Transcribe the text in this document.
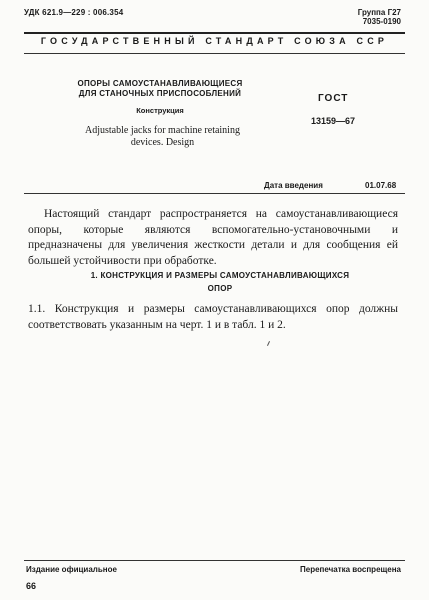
УДК 621.9—229 : 006.354	Группа Г27
7035-0190
ГОСУДАРСТВЕННЫЙ СТАНДАРТ СОЮЗА ССР
ОПОРЫ САМОУСТАНАВЛИВАЮЩИЕСЯ
ДЛЯ СТАНОЧНЫХ ПРИСПОСОБЛЕНИЙ
Конструкция
Adjustable jacks for machine retaining
devices. Design
ГОСТ
13159—67
Дата введения	01.07.68
Настоящий стандарт распространяется на самоустанавливающиеся опоры, которые являются вспомогательно-установочными и предназначены для увеличения жесткости детали и для сообщения ей большей устойчивости при обработке.
1. КОНСТРУКЦИЯ И РАЗМЕРЫ САМОУСТАНАВЛИВАЮЩИХСЯ
ОПОР
1.1. Конструкция и размеры самоустанавливающихся опор должны соответствовать указанным на черт. 1 и в табл. 1 и 2.
Издание официальное	Перепечатка воспрещена
66
